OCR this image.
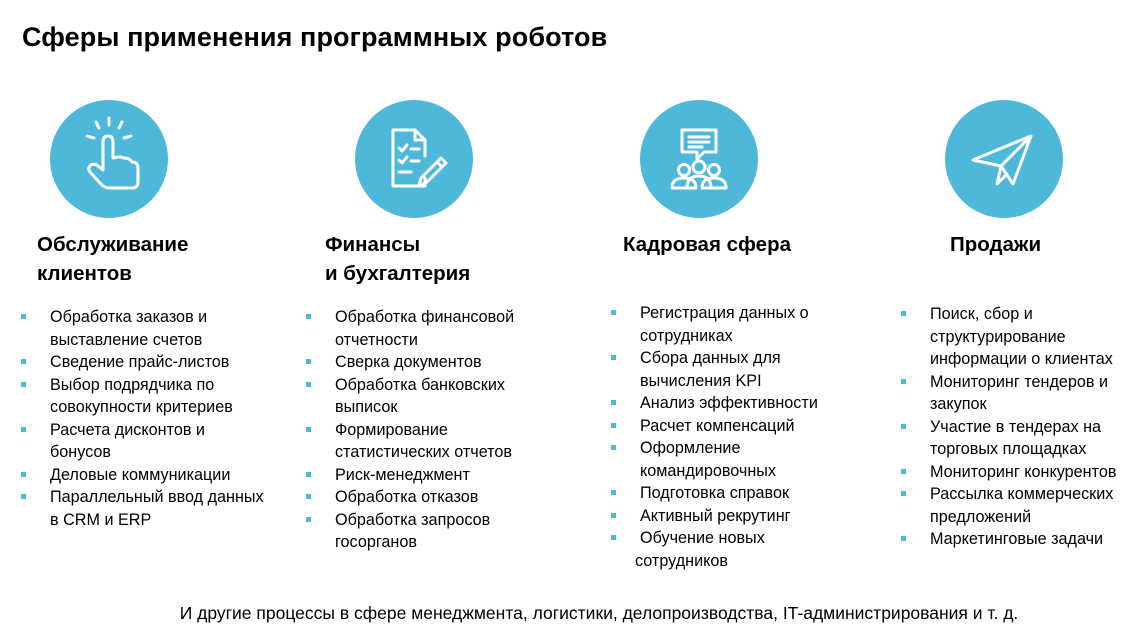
Сферы применения программных роботов
Обслуживание
клиентов
Обработка заказов и
выставление счетов
Сведение прайс-листов
Выбор подрядчика по
совокупности критериев
Расчета дисконтов и
бонусов
Деловые коммуникации
Параллельный ввод данных
в CRM и ERP
Финансы
и бухгалтерия
Обработка финансовой
отчетности
Сверка документов
Обработка банковских
выписок
Формирование
статистических отчетов
Риск-менеджмент
Обработка отказов
Обработка запросов
госорганов
Кадровая сфера
Регистрация данных о
сотрудниках
Сбора данных для
вычисления KPI
Анализ эффективности
Расчет компенсаций
Оформление
командировочных
Подготовка справок
Активный рекрутинг
Обучение новых
сотрудников
Продажи
Поиск, сбор и
структурирование
информации о клиентах
Мониторинг тендеров и
закупок
Участие в тендерах на
торговых площадках
Мониторинг конкурентов
Рассылка коммерческих
предложений
Маркетинговые задачи
И другие процессы в сфере менеджмента, логистики, делопроизводства, IT-администрирования и т. д.
